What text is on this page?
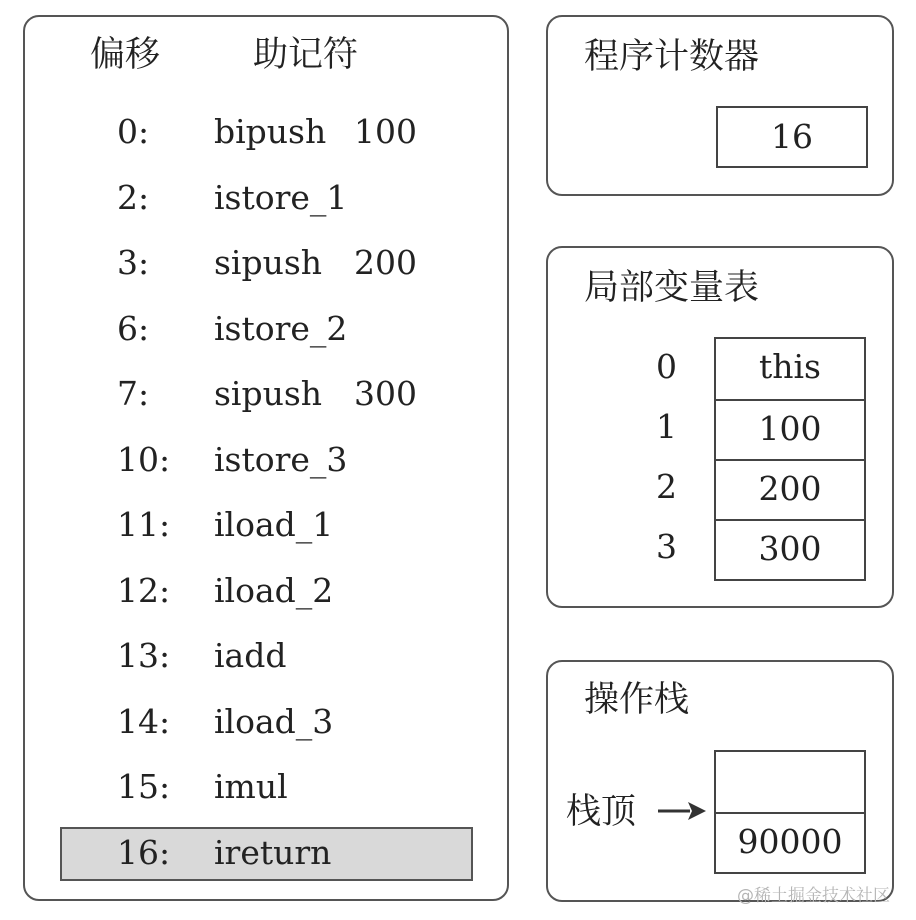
偏移	助记符
0: bipush 100
2: istore_1
3: sipush 200
6: istore_2
7: sipush 300
10: istore_3
11: iload_1
12: iload_2
13: iadd
14: iload_3
15: imul
16: ireturn
程序计数器
16
局部变量表
0
1
2
3
this
100
200
300
操作栈
栈顶
90000
@稀土掘金技术社区
